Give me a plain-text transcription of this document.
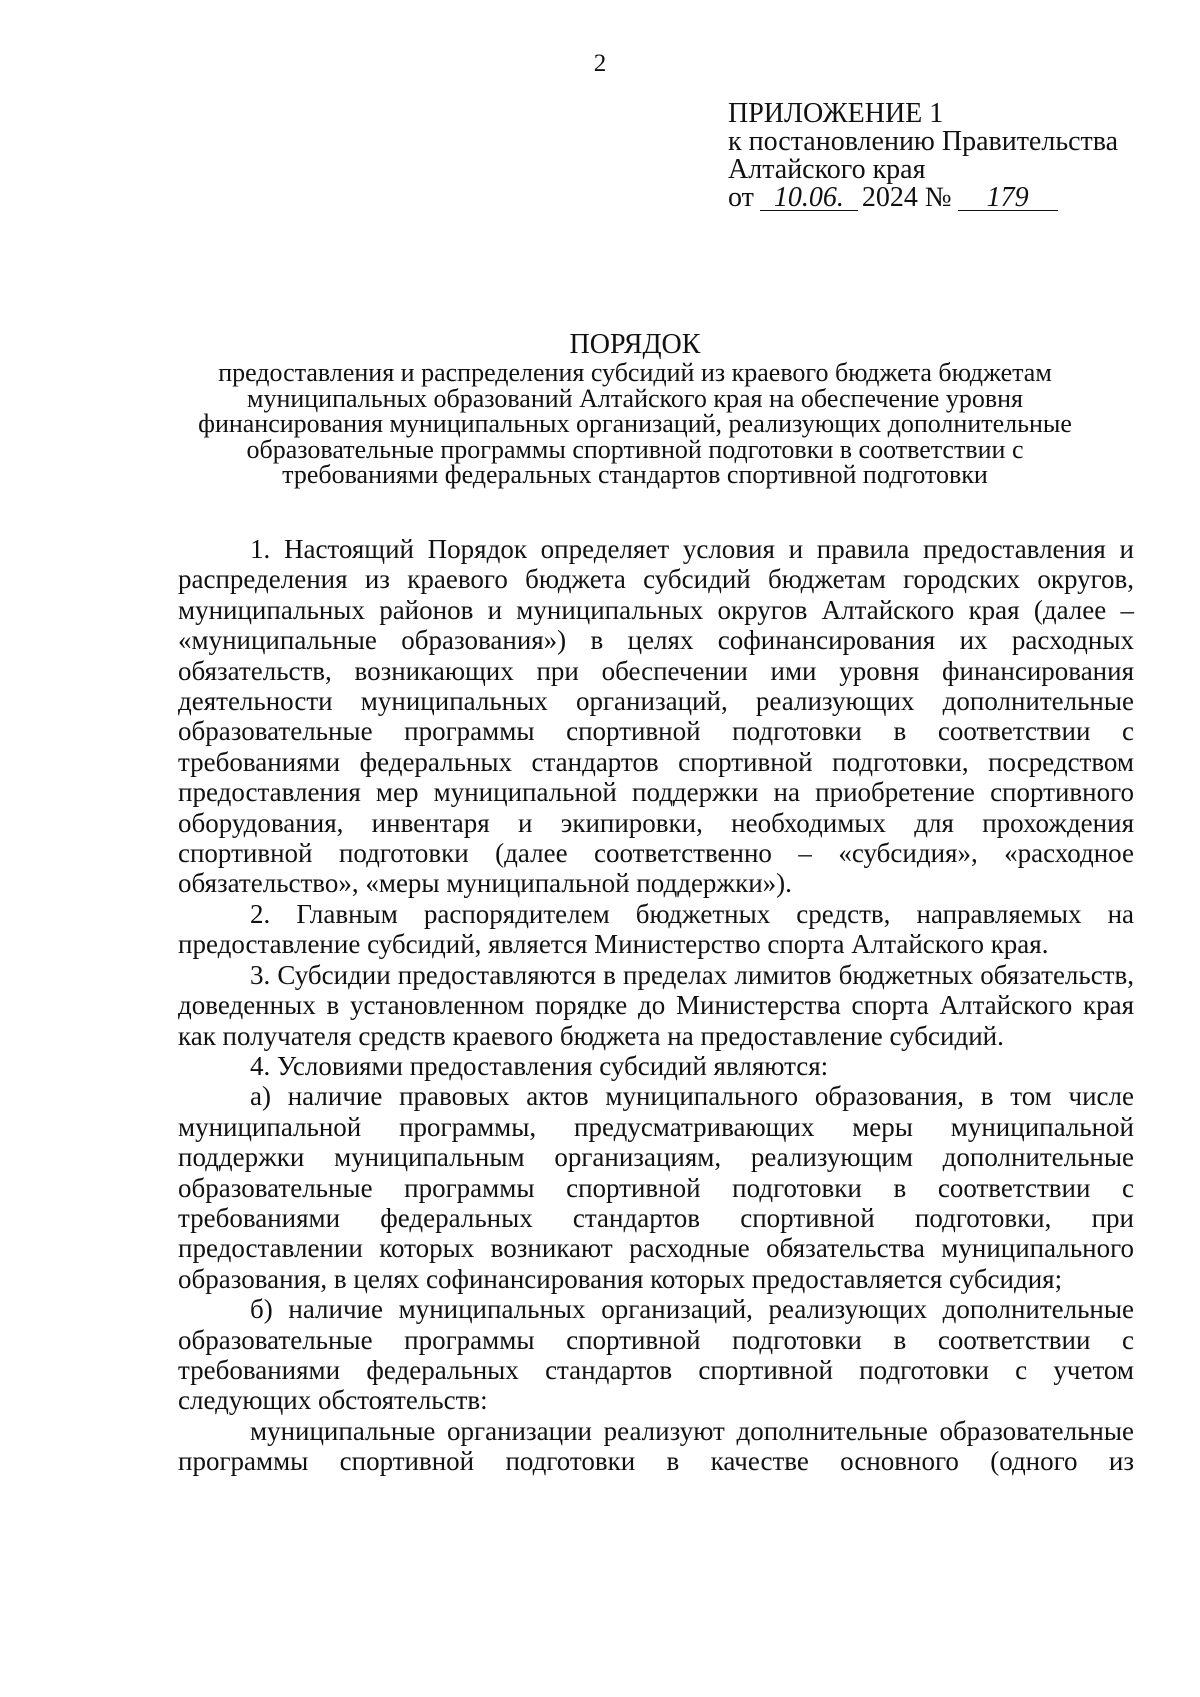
2
ПРИЛОЖЕНИЕ 1
к постановлению Правительства
Алтайского края
от 10.06. 2024 № 179
ПОРЯДОК
предоставления и распределения субсидий из краевого бюджета бюджетам муниципальных образований Алтайского края на обеспечение уровня финансирования муниципальных организаций, реализующих дополнительные образовательные программы спортивной подготовки в соответствии с требованиями федеральных стандартов спортивной подготовки

1. Настоящий Порядок определяет условия и правила предоставления и распределения из краевого бюджета субсидий бюджетам городских округов, муниципальных районов и муниципальных округов Алтайского края (далее – «муниципальные образования») в целях софинансирования их расходных обязательств, возникающих при обеспечении ими уровня финансирования деятельности муниципальных организаций, реализующих дополнительные образовательные программы спортивной подготовки в соответствии с требованиями федеральных стандартов спортивной подготовки, посредством предоставления мер муниципальной поддержки на приобретение спортивного оборудования, инвентаря и экипировки, необходимых для прохождения спортивной подготовки (далее соответственно – «субсидия», «расходное обязательство», «меры муниципальной поддержки»).

2. Главным распорядителем бюджетных средств, направляемых на предоставление субсидий, является Министерство спорта Алтайского края.

3. Субсидии предоставляются в пределах лимитов бюджетных обязательств, доведенных в установленном порядке до Министерства спорта Алтайского края как получателя средств краевого бюджета на предоставление субсидий.

4. Условиями предоставления субсидий являются:

а) наличие правовых актов муниципального образования, в том числе муниципальной программы, предусматривающих меры муниципальной поддержки муниципальным организациям, реализующим дополнительные образовательные программы спортивной подготовки в соответствии с требованиями федеральных стандартов спортивной подготовки, при предоставлении которых возникают расходные обязательства муниципального образования, в целях софинансирования которых предоставляется субсидия;

б) наличие муниципальных организаций, реализующих дополнительные образовательные программы спортивной подготовки в соответствии с требованиями федеральных стандартов спортивной подготовки с учетом следующих обстоятельств:

муниципальные организации реализуют дополнительные образовательные программы спортивной подготовки в качестве основного (одного из
